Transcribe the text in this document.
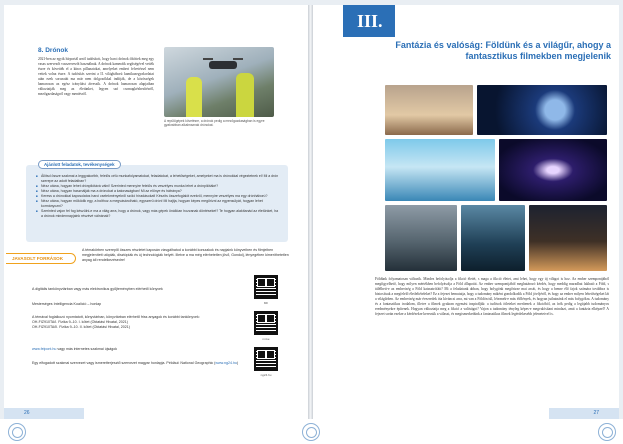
8. Drónok

2021-ben az egyik hírportál arról tudósított, hogy harci drónok öltöttek meg egy vasas szervezőt vasszervezőt használnak. A drónok kameráik segítségével vették észre és követték el a kínos pillanatokat, amelyeket emberi felvetéssel nem vettek volna észre. A tudósítás szerint a II. világháború kamikazegyakorlatai után ezek sorozatát ma már nem dolgozókkal indítják, de a közösségek hamarosan az egész irányítást átveszik. A drónok hamarosan alapjaiban változtatják meg az életünket, legyen szó csomagkézbesítésről, mezőgazdaságról vagy mentésről.

A repülőgépek követésre, a drónok pedig a mezőgazdaságban is egyre gyakrabban alkalmaznak drónokat.
Ajánlott feladatok, tevékenységek
■ Állítsd össze szakmai a leggyakoribb, felelős célú munkafolyamatokat, feladatokat, a lehetőségeket, amelyeket ma is drónokkal végeztetnek el! Mi a drón szerepe az adott feladatban?
■ Nézz utána, hogyan lehet drónpilótává válni! Szerinted mennyire felelős és veszélyes munka lehet a drónpilótáké?
■ Nézz utána, hogyan használják ma a drónokat a katonaságban! Mi az előnye és hátránya?
■ Keress a drónokkal kapcsolatos harci cselekményekről szóló híradásokat! Készíts összefoglalót ezekről, mennyire veszélyes ma egy drónháború?
■ Nézz utána, hogyan működik egy, a bolthoz a megvásárolható, egyszerű drón! Mi hajtja, hogyan képes megőrizni az egyensúlyát, hogyan lehet kormányozni?
■ Szerinted vajon fel fog készülni-e ma a világ arra, hogy a drónok, vagy más gépek önállóan hozzanak döntéseket? Te hogyan alakítanád az életünket, ha a drónok mindennapjaink részévé válnának?
JAVASOLT FORRÁSOK

A témakörben szereplő összes részletet kapcsán vizsgálhatod a korábbi korszakok és napjaink könyveiben és filmjeiben megjelenített utópiák, disztópiák és új technológiák helyét. Illetve a ma még elérhetetlen jövő, Gondolj, lényegében kimeríthetetlen anyag áll rendelkezésedre!

A digitális tankönyvtárban vagy más elektronikus gyűjteményben elérhető könyvek

Mesterséges Intelligencia Koalíció – honlap

A témával foglalkozó nyomtatott, könyvtárban, könyvtárban elérhető friss anyagok és korábbi tankönyvek:
OH-FIZ910TA/I. Fizika 9–10. I. kötet (Oktatási Hivatal, 2021)
OH-FIZ910TA/II. Fizika 9–10. II. kötet (Oktatási Hivatal, 2021)

www.felpont.hu vagy más internetes szakmai újságok

Egy elfogadott szakmai szervezet vagy ismeretterjesztő szervezet magyar honlapja. Például: National Geographic (www.ng24.hu)

MII
mi.ke
ng24.hu
26
III.
Fantázia és valóság: Földünk és a világűr, ahogy a fantasztikus filmekben megjelenik

Földünk folyamatosan változik. Mindez befolyásolja a fikció életét, s maga a fikció életet, ami lehet, hogy egy új világot is hoz. Az ember szempontjából megfigyelhető, hogy milyen mértékben befolyásolja a Föld állapotát. Az ember szempontjából meghatározó kérdés, hogy meddig maradhat lakható a Föld, s túlélheti-e az emberiség a Föld katasztrófáit? Mi a feladatunk abban, hogy bolygónk megőrizze mai arcát, és hogy a benne élő fajok számára továbbra is biztosítsuk a megfelelő életfeltételeket? Ez a fejezet bemutatja, hogy a tudomány miként gondolkodik a Föld jövőjéről, és hogy az ember milyen lehetőségeket lát a világűrben. Az emberiség már évezredek óta kíváncsi arra, mi van a Földön túl, léteznek-e más élőlények, és hogyan juthatnánk el más bolygókra. A tudomány és a fantasztikus irodalom, illetve a filmek gyakran egymást inspirálják: a tudósok ötleteket merítenek a fikcióból, az írók pedig a legújabb tudományos eredményekre építenek. Hogyan változtatja meg a fikció a valóságot? Vajon a tudomány tényleg képes-e megvalósítani mindazt, amit a fantázia elképzel? A fejezet során ezekre a kérdésekre keressük a választ, és megismerkedünk a fantasztikus filmek legérdekesebb jeleneteivel is.

27
